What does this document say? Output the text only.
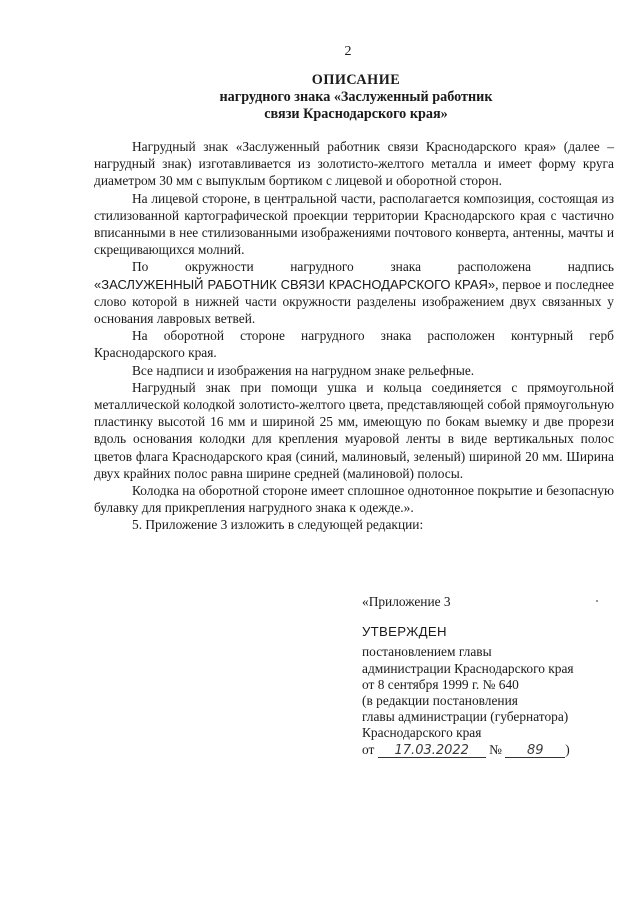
2
ОПИСАНИЕ
нагрудного знака «Заслуженный работник
связи Краснодарского края»

Нагрудный знак «Заслуженный работник связи Краснодарского края» (далее – нагрудный знак) изготавливается из золотисто-желтого металла и имеет форму круга диаметром 30 мм с выпуклым бортиком с лицевой и оборотной сторон.

На лицевой стороне, в центральной части, располагается композиция, состоящая из стилизованной картографической проекции территории Краснодарского края с частично вписанными в нее стилизованными изображениями почтового конверта, антенны, мачты и скрещивающихся молний.

По окружности нагрудного знака расположена надпись

«ЗАСЛУЖЕННЫЙ РАБОТНИК СВЯЗИ КРАСНОДАРСКОГО КРАЯ», первое и последнее слово которой в нижней части окружности разделены изображением двух связанных у основания лавровых ветвей.

На оборотной стороне нагрудного знака расположен контурный герб Краснодарского края.

Все надписи и изображения на нагрудном знаке рельефные.

Нагрудный знак при помощи ушка и кольца соединяется с прямоугольной металлической колодкой золотисто-желтого цвета, представляющей собой прямоугольную пластинку высотой 16 мм и шириной 25 мм, имеющую по бокам выемку и две прорези вдоль основания колодки для крепления муаровой ленты в виде вертикальных полос цветов флага Краснодарского края (синий, малиновый, зеленый) шириной 20 мм. Ширина двух крайних полос равна ширине средней (малиновой) полосы.

Колодка на оборотной стороне имеет сплошное однотонное покрытие и безопасную булавку для прикрепления нагрудного знака к одежде.».

5. Приложение 3 изложить в следующей редакции:

«Приложение 3
УТВЕРЖДЕН
постановлением главы
администрации Краснодарского края
от 8 сентября 1999 г. № 640
(в редакции постановления
главы администрации (губернатора)
Краснодарского края
от 17.03.2022 № 89 )
